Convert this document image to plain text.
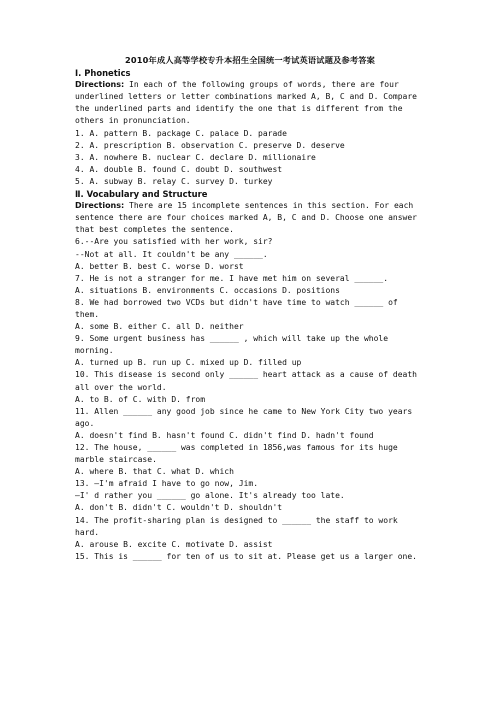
2010年成人高等学校专升本招生全国统一考试英语试题及参考答案
Ⅰ. Phonetics

Directions: In each of the following groups of words, there are four underlined letters or letter combinations marked A, B, C and D. Compare the underlined parts and identify the one that is different from the others in pronunciation.

1. A. pattern B. package C. palace D. parade

2. A. prescription B. observation C. preserve D. deserve

3. A. nowhere B. nuclear C. declare D. millionaire

4. A. double B. found C. doubt D. southwest

5. A. subway B. relay C. survey D. turkey

Ⅱ. Vocabulary and Structure

Directions: There are 15 incomplete sentences in this section. For each sentence there are four choices marked A, B, C and D. Choose one answer that best completes the sentence.

6.--Are you satisfied with her work, sir?

--Not at all. It couldn't be any ______.

A. better B. best C. worse D. worst

7. He is not a stranger for me. I have met him on several ______.

A. situations B. environments C. occasions D. positions

8. We had borrowed two VCDs but didn't have time to watch ______ of them.

A. some B. either C. all D. neither

9. Some urgent business has ______ , which will take up the whole morning.

A. turned up B. run up C. mixed up D. filled up

10. This disease is second only ______ heart attack as a cause of death all over the world.

A. to B. of C. with D. from

11. Allen ______ any good job since he came to New York City two years ago.

A. doesn't find B. hasn't found C. didn't find D. hadn't found

12. The house, ______ was completed in 1856,was famous for its huge marble staircase.

A. where B. that C. what D. which

13. —I'm afraid I have to go now, Jim.

—I' d rather you ______ go alone. It's already too late.

A. don't B. didn't C. wouldn't D. shouldn't

14. The profit-sharing plan is designed to ______ the staff to work hard.

A. arouse B. excite C. motivate D. assist

15. This is ______ for ten of us to sit at. Please get us a larger one.
